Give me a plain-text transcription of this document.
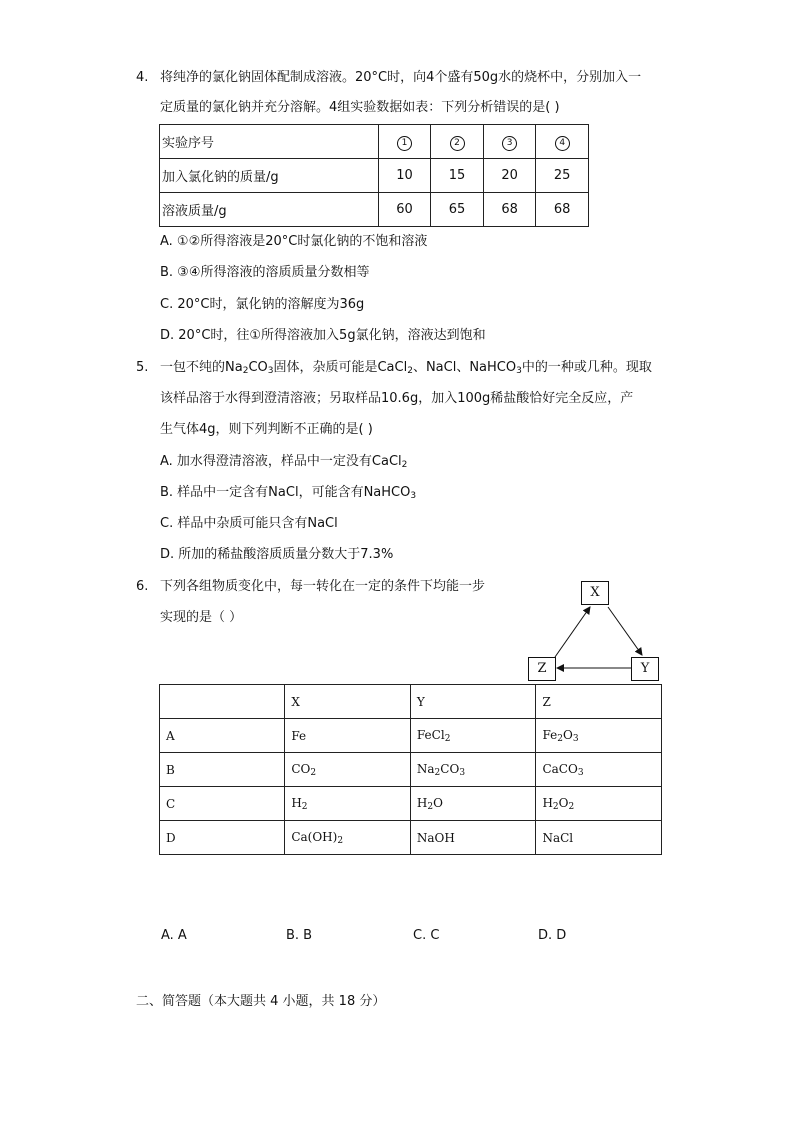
4. 将纯净的氯化钠固体配制成溶液。20°C时，向4个盛有50g水的烧杯中，分别加入一
定质量的氯化钠并充分溶解。4组实验数据如表：下列分析错误的是( )
实验序号	1	2	3	4
加入氯化钠的质量/g	10	15	20	25
溶液质量/g	60	65	68	68
A. ①②所得溶液是20°C时氯化钠的不饱和溶液
B. ③④所得溶液的溶质质量分数相等
C. 20°C时，氯化钠的溶解度为36g
D. 20°C时，往①所得溶液加入5g氯化钠，溶液达到饱和
5. 一包不纯的$Na_2CO_3$固体，杂质可能是CaCl$_2$、NaCl、NaHCO$_3$中的一种或几种。现取
该样品溶于水得到澄清溶液；另取样品10.6g，加入100g稀盐酸恰好完全反应，产
生气体4g，则下列判断不正确的是( )
A. 加水得澄清溶液，样品中一定没有CaCl$_2$
B. 样品中一定含有NaCl，可能含有NaHCO$_3$
C. 样品中杂质可能只含有NaCl
D. 所加的稀盐酸溶质质量分数大于7.3%
6. 下列各组物质变化中，每一转化在一定的条件下均能一步
实现的是（ ）
X
Y
Z
	X	Y	Z
A	Fe	FeCl$_2$	$Fe_2O_3$
B	$CO_2$	$Na_2CO_3$	CaCO$_3$
C	$H_2$	$H_2O$	$H_2O_2$
D	$Ca(OH)_2$	NaOH	NaCl
A. A	B. B	C. C	D. D
二、简答题（本大题共 4 小题，共 18 分）
